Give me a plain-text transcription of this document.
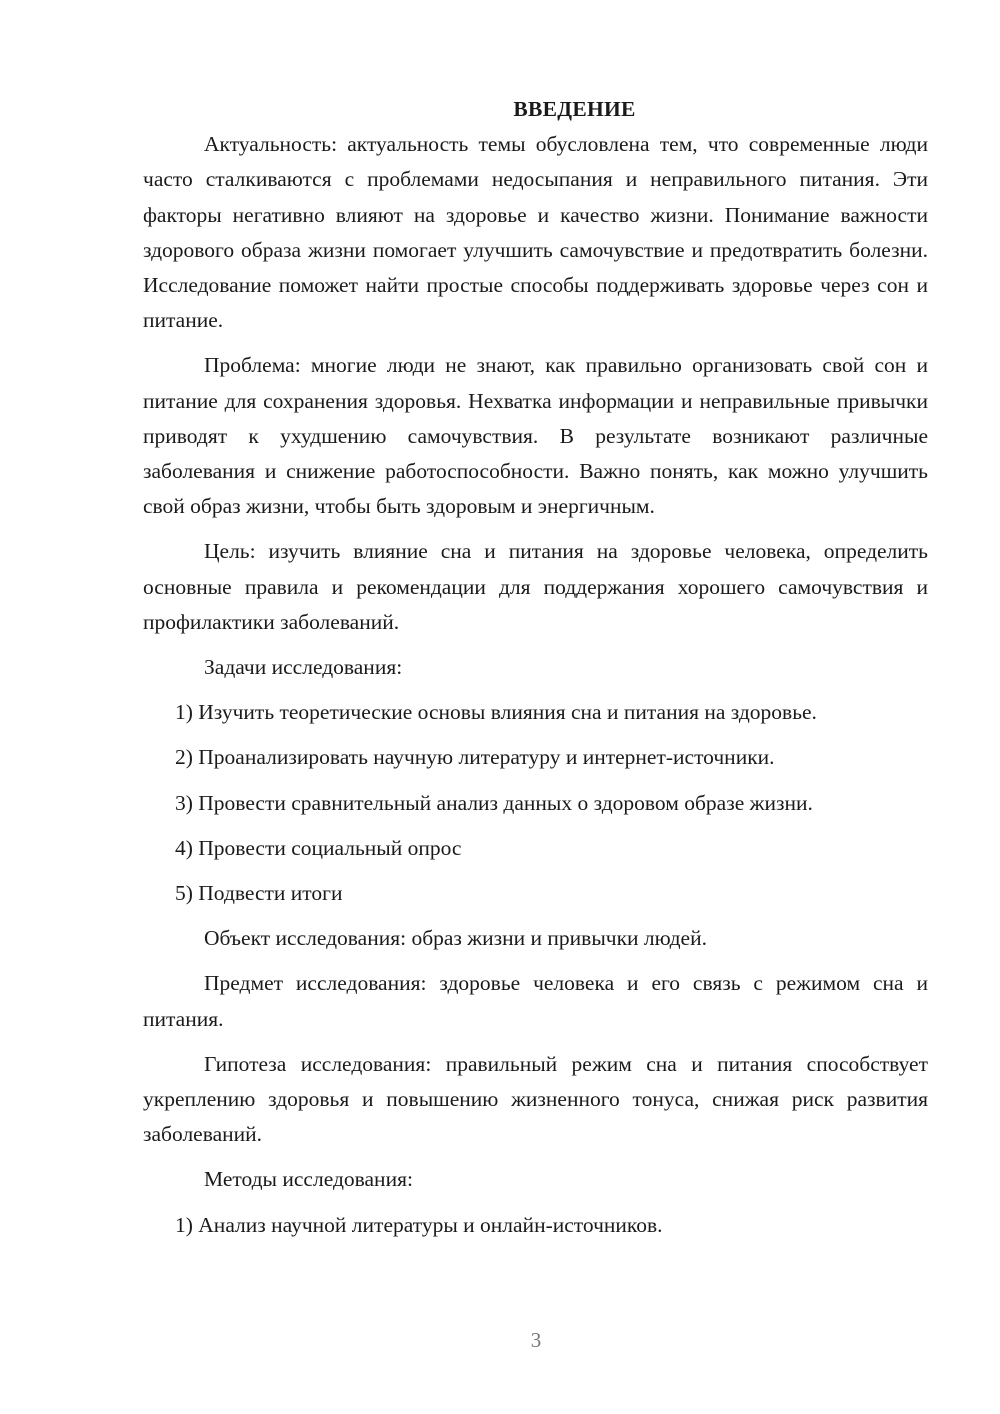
ВВЕДЕНИЕ

Актуальность: актуальность темы обусловлена тем, что современные люди часто сталкиваются с проблемами недосыпания и неправильного питания. Эти факторы негативно влияют на здоровье и качество жизни. Понимание важности здорового образа жизни помогает улучшить самочувствие и предотвратить болезни. Исследование поможет найти простые способы поддерживать здоровье через сон и питание.

Проблема: многие люди не знают, как правильно организовать свой сон и питание для сохранения здоровья. Нехватка информации и неправильные привычки приводят к ухудшению самочувствия. В результате возникают различные заболевания и снижение работоспособности. Важно понять, как можно улучшить свой образ жизни, чтобы быть здоровым и энергичным.

Цель: изучить влияние сна и питания на здоровье человека, определить основные правила и рекомендации для поддержания хорошего самочувствия и профилактики заболеваний.

Задачи исследования:

1) Изучить теоретические основы влияния сна и питания на здоровье.

2) Проанализировать научную литературу и интернет-источники.

3) Провести сравнительный анализ данных о здоровом образе жизни.

4) Провести социальный опрос

5) Подвести итоги

Объект исследования: образ жизни и привычки людей.

Предмет исследования: здоровье человека и его связь с режимом сна и питания.

Гипотеза исследования: правильный режим сна и питания способствует укреплению здоровья и повышению жизненного тонуса, снижая риск развития заболеваний.

Методы исследования:

1) Анализ научной литературы и онлайн-источников.

3
